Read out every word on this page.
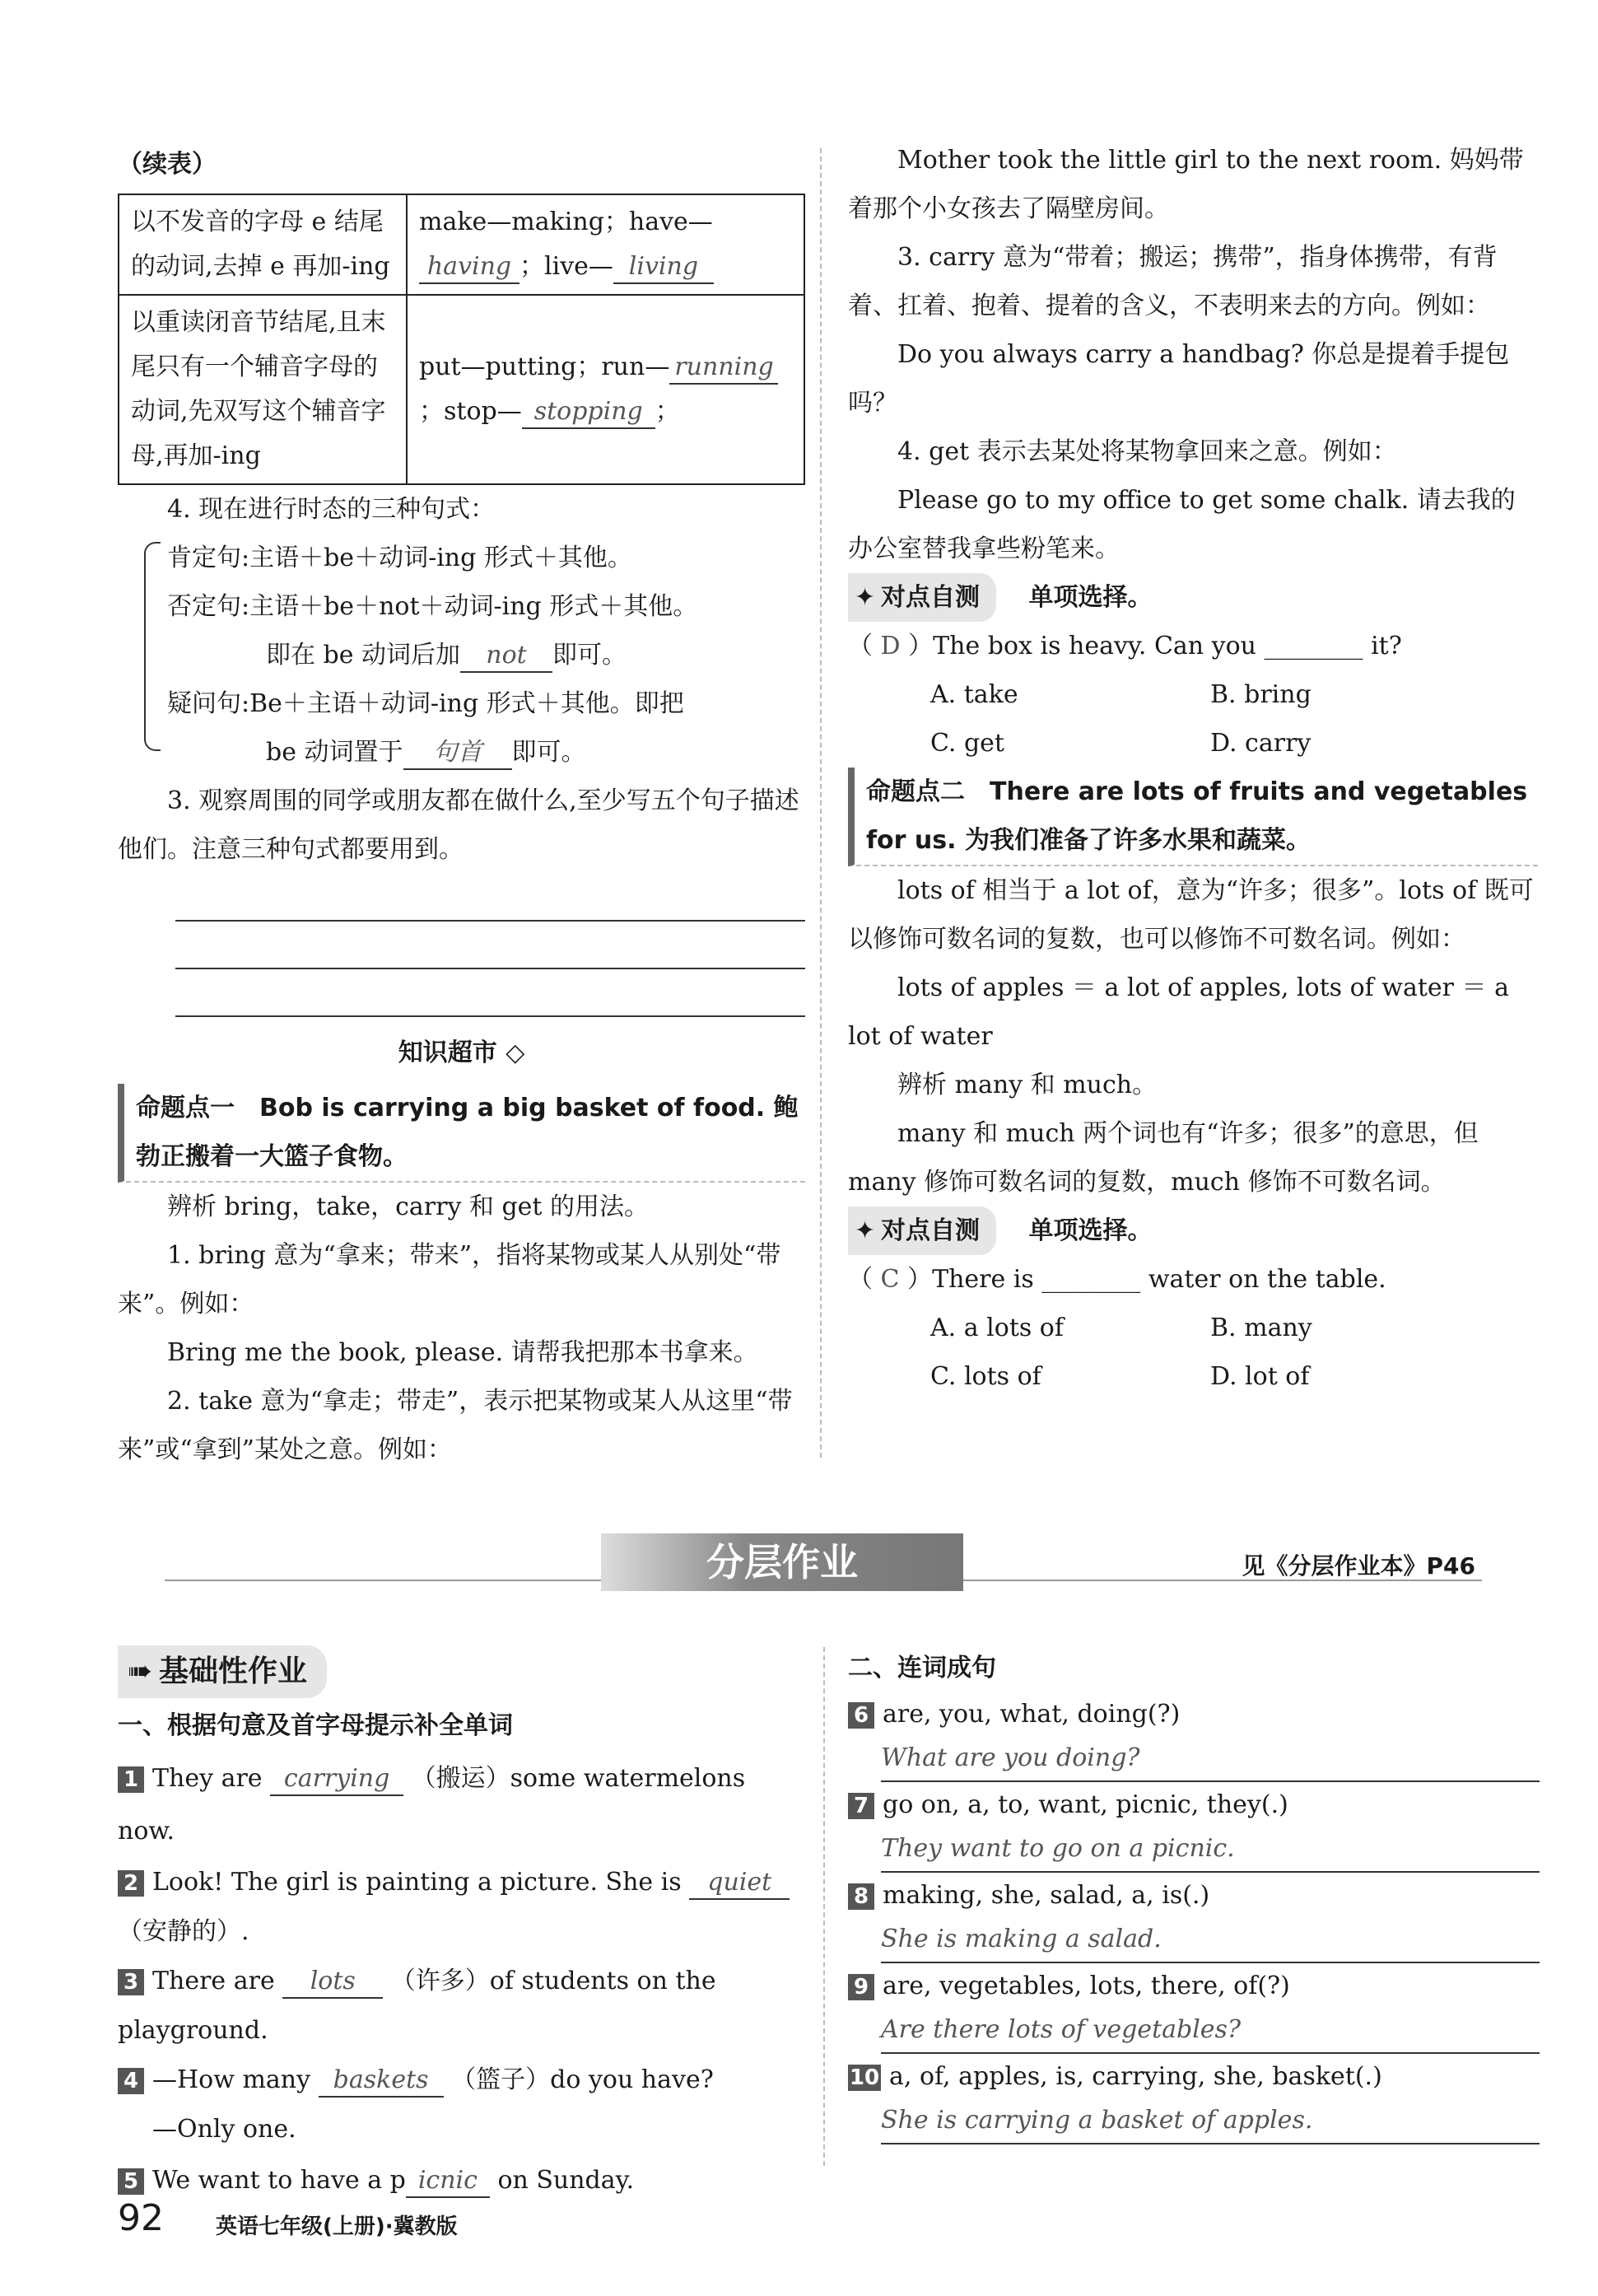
（续表）
以不发音的字母 e 结尾的动词,去掉 e 再加-ing	make—making；have—having ；live— living
以重读闭音节结尾,且末尾只有一个辅音字母的动词,先双写这个辅音字母,再加-ing	put—putting；run— running；stop— stopping ；

4. 现在进行时态的三种句式：

肯定句:主语＋be＋动词-ing 形式＋其他。
否定句:主语＋be＋not＋动词-ing 形式＋其他。
即在 be 动词后加 not 即可。
疑问句:Be＋主语＋动词-ing 形式＋其他。即把
be 动词置于 句首 即可。

3. 观察周围的同学或朋友都在做什么,至少写五个句子描述他们。注意三种句式都要用到。

知识超市 ◇
命题点一　Bob is carrying a big basket of food. 鲍勃正搬着一大篮子食物。

辨析 bring，take，carry 和 get 的用法。

1. bring 意为“拿来；带来”，指将某物或某人从别处“带来”。例如：

Bring me the book, please. 请帮我把那本书拿来。

2. take 意为“拿走；带走”，表示把某物或某人从这里“带来”或“拿到”某处之意。例如：

Mother took the little girl to the next room. 妈妈带着那个小女孩去了隔壁房间。

3. carry 意为“带着；搬运；携带”，指身体携带，有背着、扛着、抱着、提着的含义，不表明来去的方向。例如：

Do you always carry a handbag? 你总是提着手提包吗？

4. get 表示去某处将某物拿回来之意。例如：

Please go to my office to get some chalk. 请去我的办公室替我拿些粉笔来。

✦ 对点自测 单项选择。
（ D ）The box is heavy. Can you ________ it?
A. take	B. bring
C. get	D. carry
命题点二　There are lots of fruits and vegetables for us. 为我们准备了许多水果和蔬菜。

lots of 相当于 a lot of，意为“许多；很多”。lots of 既可以修饰可数名词的复数，也可以修饰不可数名词。例如：

lots of apples ＝ a lot of apples, lots of water ＝ a lot of water

辨析 many 和 much。

many 和 much 两个词也有“许多；很多”的意思，但 many 修饰可数名词的复数，much 修饰不可数名词。

✦ 对点自测 单项选择。
（ C ）There is ________ water on the table.
A. a lots of	B. many
C. lots of	D. lot of
分层作业	见《分层作业本》P46
➠ 基础性作业
一、根据句意及首字母提示补全单词
1 They are carrying （搬运）some watermelons now.
2 Look! The girl is painting a picture. She is quiet （安静的）.
3 There are lots （许多）of students on the playground.
4 —How many baskets （篮子）do you have?
—Only one.
5 We want to have a p icnic on Sunday.
二、连词成句
6 are, you, what, doing(?)
What are you doing?
7 go on, a, to, want, picnic, they(.)
They want to go on a picnic.
8 making, she, salad, a, is(.)
She is making a salad.
9 are, vegetables, lots, there, of(?)
Are there lots of vegetables?
10 a, of, apples, is, carrying, she, basket(.)
She is carrying a basket of apples.
92 英语七年级(上册)·冀教版
